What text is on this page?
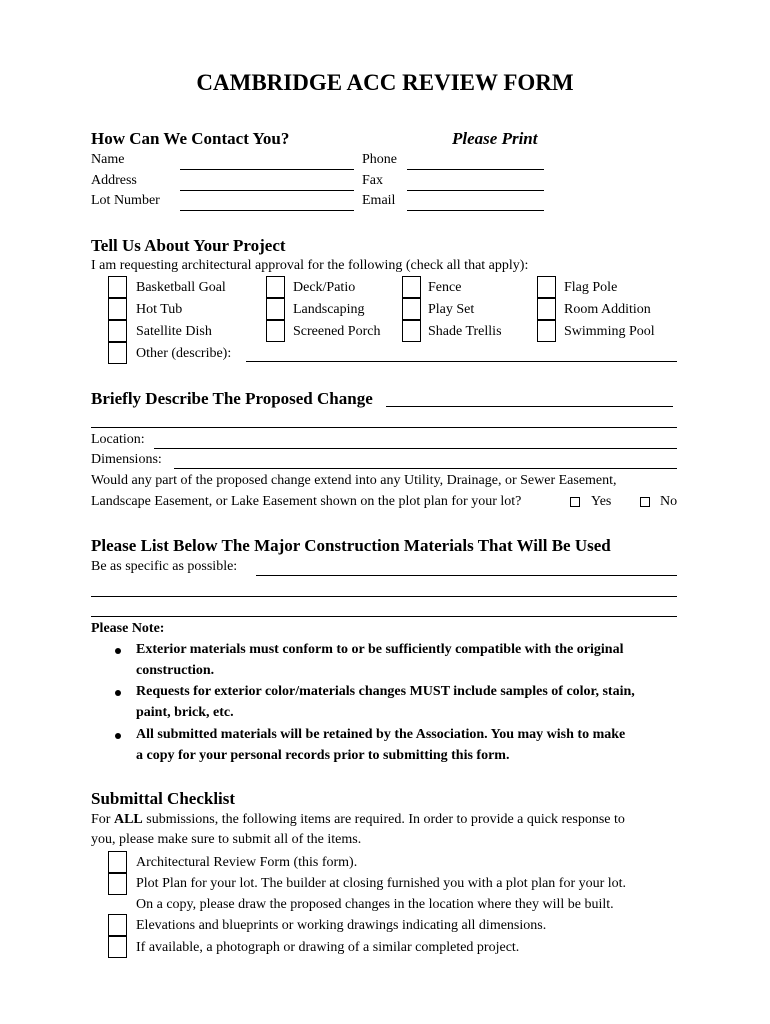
CAMBRIDGE ACC REVIEW FORM
How Can We Contact You?	Please Print
Name	Phone
Address	Fax
Lot Number	Email
Tell Us About Your Project
I am requesting architectural approval for the following (check all that apply):
Basketball Goal	Deck/Patio	Fence	Flag Pole
Hot Tub	Landscaping	Play Set	Room Addition
Satellite Dish	Screened Porch	Shade Trellis	Swimming Pool
Other (describe):
Briefly Describe The Proposed Change
Location:
Dimensions:
Would any part of the proposed change extend into any Utility, Drainage, or Sewer Easement,
Landscape Easement, or Lake Easement shown on the plot plan for your lot?	Yes	No
Please List Below The Major Construction Materials That Will Be Used
Be as specific as possible:
Please Note:
Exterior materials must conform to or be sufficiently compatible with the original
construction.
Requests for exterior color/materials changes MUST include samples of color, stain,
paint, brick, etc.
All submitted materials will be retained by the Association. You may wish to make
a copy for your personal records prior to submitting this form.
Submittal Checklist
For ALL submissions, the following items are required. In order to provide a quick response to
you, please make sure to submit all of the items.
Architectural Review Form (this form).
Plot Plan for your lot. The builder at closing furnished you with a plot plan for your lot.
On a copy, please draw the proposed changes in the location where they will be built.
Elevations and blueprints or working drawings indicating all dimensions.
If available, a photograph or drawing of a similar completed project.
